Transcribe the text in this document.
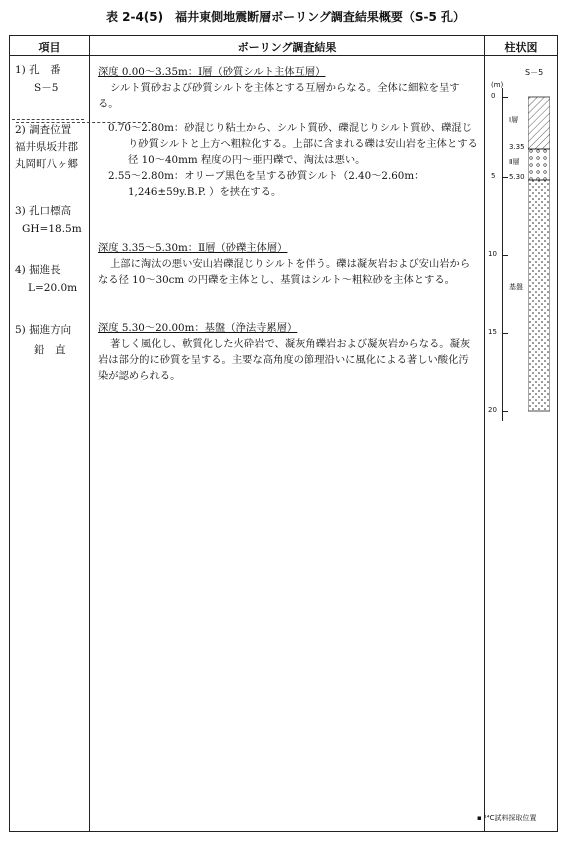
表 2-4(5)　福井東側地震断層ボーリング調査結果概要（S-5 孔）
項目	ボーリング調査結果	柱状図
1) 孔　番
S－5
2) 調査位置
福井県坂井郡
丸岡町八ヶ郷
3) 孔口標高
GH=18.5m
4) 掘進長
L=20.0m
5) 掘進方向
鉛　直
深度 0.00～3.35m：Ⅰ層（砂質シルト主体互層）

シルト質砂および砂質シルトを主体とする互層からなる。全体に細粒を呈する。

0.70～2.80m：砂混じり粘土から、シルト質砂、礫混じりシルト質砂、礫混じり砂質シルトと上方へ粗粒化する。上部に含まれる礫は安山岩を主体とする径 10～40mm 程度の円～亜円礫で、淘汰は悪い。

2.55～2.80m：オリーブ黒色を呈する砂質シルト（2.40～2.60m：1,246±59y.B.P. ）を挟在する。

深度 3.35～5.30m：Ⅱ層（砂礫主体層）

上部に淘汰の悪い安山岩礫混じりシルトを伴う。礫は凝灰岩および安山岩からなる径 10～30cm の円礫を主体とし、基質はシルト～粗粒砂を主体とする。

深度 5.30～20.00m：基盤（浄法寺累層）

著しく風化し、軟質化した火砕岩で、凝灰角礫岩および凝灰岩からなる。凝灰岩は部分的に砂質を呈する。主要な高角度の節理沿いに風化による著しい酸化汚染が認められる。

S－5
(m)
0
5
10
15
20
Ⅰ層
3.35
Ⅱ層
5.30
基盤
▪ ¹⁴C試料採取位置
